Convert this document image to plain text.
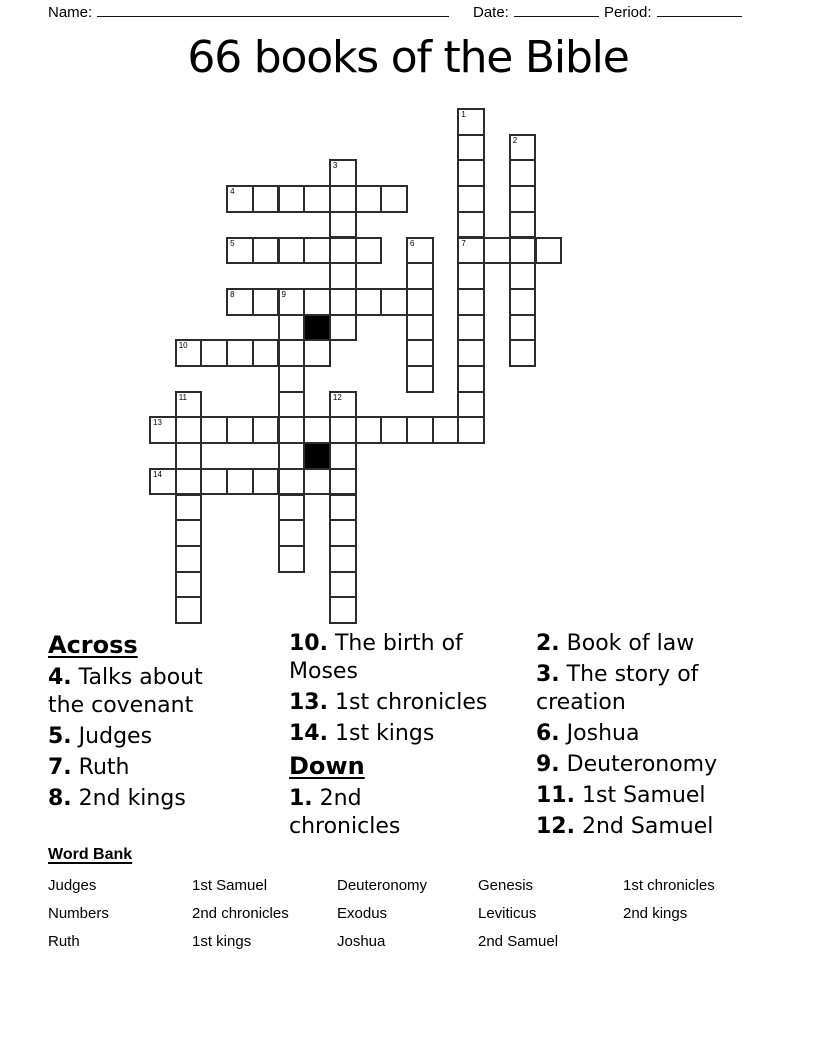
Name:	Date:	Period:
66 books of the Bible
1
7
2
3
4
5	6
8	9
10
11	12
13
14
Across
4. Talks about the covenant
5. Judges
7. Ruth
8. 2nd kings
10. The birth of Moses
13. 1st chronicles
14. 1st kings
Down
1. 2nd chronicles
2. Book of law
3. The story of creation
6. Joshua
9. Deuteronomy
11. 1st Samuel
12. 2nd Samuel
Word Bank
Judges	1st Samuel	Deuteronomy	Genesis	1st chronicles
Numbers	2nd chronicles	Exodus	Leviticus	2nd kings
Ruth	1st kings	Joshua	2nd Samuel
